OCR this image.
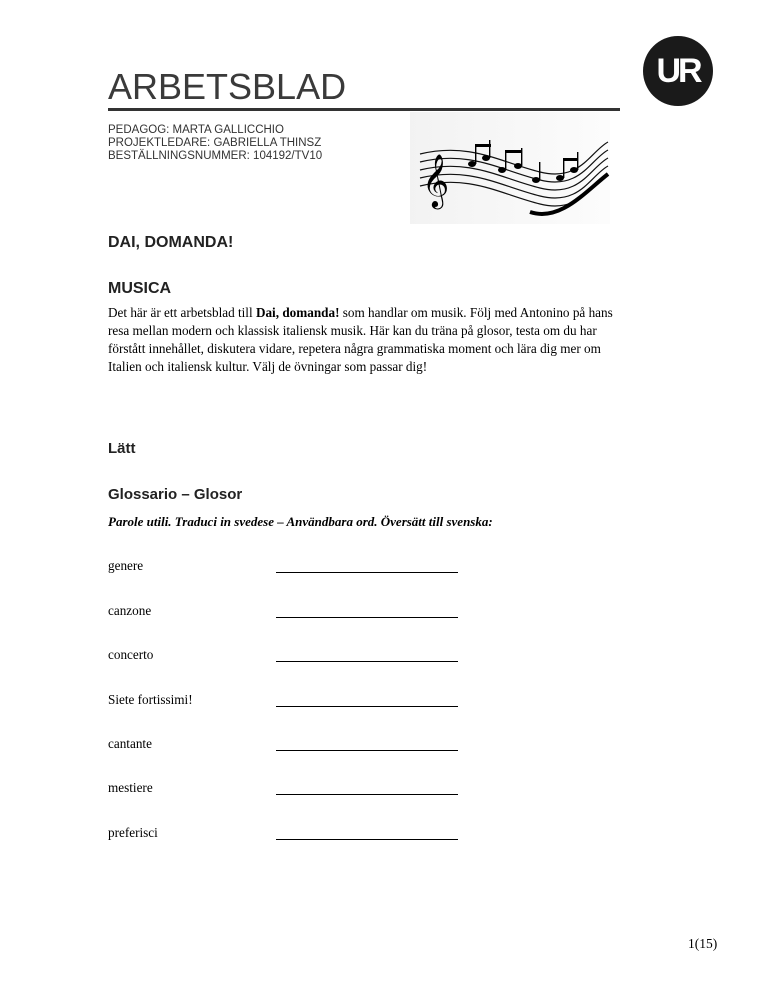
UR
ARBETSBLAD
PEDAGOG: MARTA GALLICCHIO
PROJEKTLEDARE: GABRIELLA THINSZ
BESTÄLLNINGSNUMMER: 104192/TV10 𝄞
DAI, DOMANDA!
MUSICA

Det här är ett arbetsblad till Dai, domanda! som handlar om musik. Följ med Antonino på hans resa mellan modern och klassisk italiensk musik. Här kan du träna på glosor, testa om du har förstått innehållet, diskutera vidare, repetera några grammatiska moment och lära dig mer om Italien och italiensk kultur. Välj de övningar som passar dig!

Lätt
Glossario – Glosor
Parole utili. Traduci in svedese – Användbara ord. Översätt till svenska:
genere
canzone
concerto
Siete fortissimi!
cantante
mestiere
preferisci
1(15)
